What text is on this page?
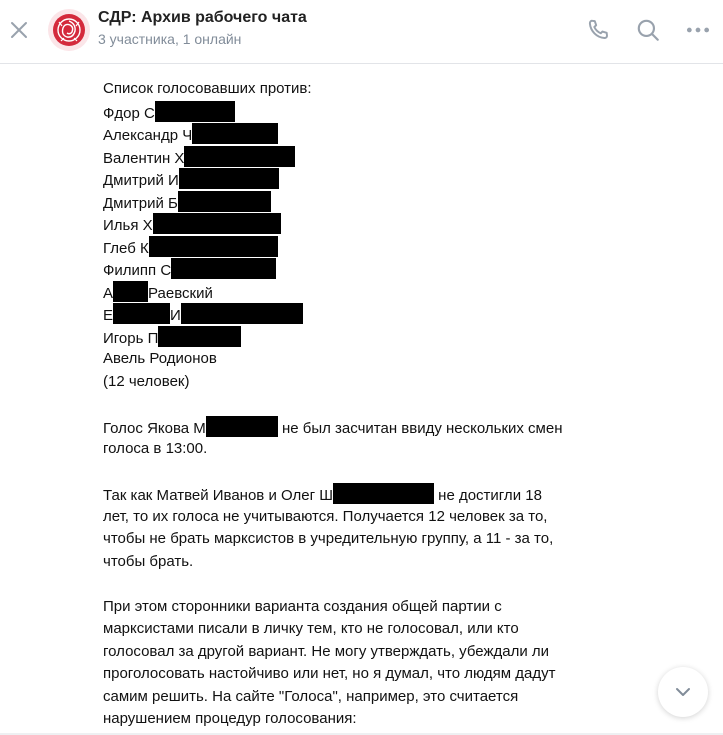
СДР: Архив рабочего чата
3 участника, 1 онлайн
Список голосовавших против:
Фдор С
Александр Ч
Валентин Х
Дмитрий И
Дмитрий Б
Илья Х
Глеб К
Филипп С
А Раевский
Е	И
Игорь П
Авель Родионов
(12 человек)
Голос Якова М	не был засчитан ввиду нескольких смен
голоса в 13:00.
Так как Матвей Иванов и Олег Ш	не достигли 18
лет, то их голоса не учитываются. Получается 12 человек за то,
чтобы не брать марксистов в учредительную группу, а 11 - за то,
чтобы брать.
При этом сторонники варианта создания общей партии с
марксистами писали в личку тем, кто не голосовал, или кто
голосовал за другой вариант. Не могу утверждать, убеждали ли
проголосовать настойчиво или нет, но я думал, что людям дадут
самим решить. На сайте "Голоса", например, это считается
нарушением процедур голосования:
